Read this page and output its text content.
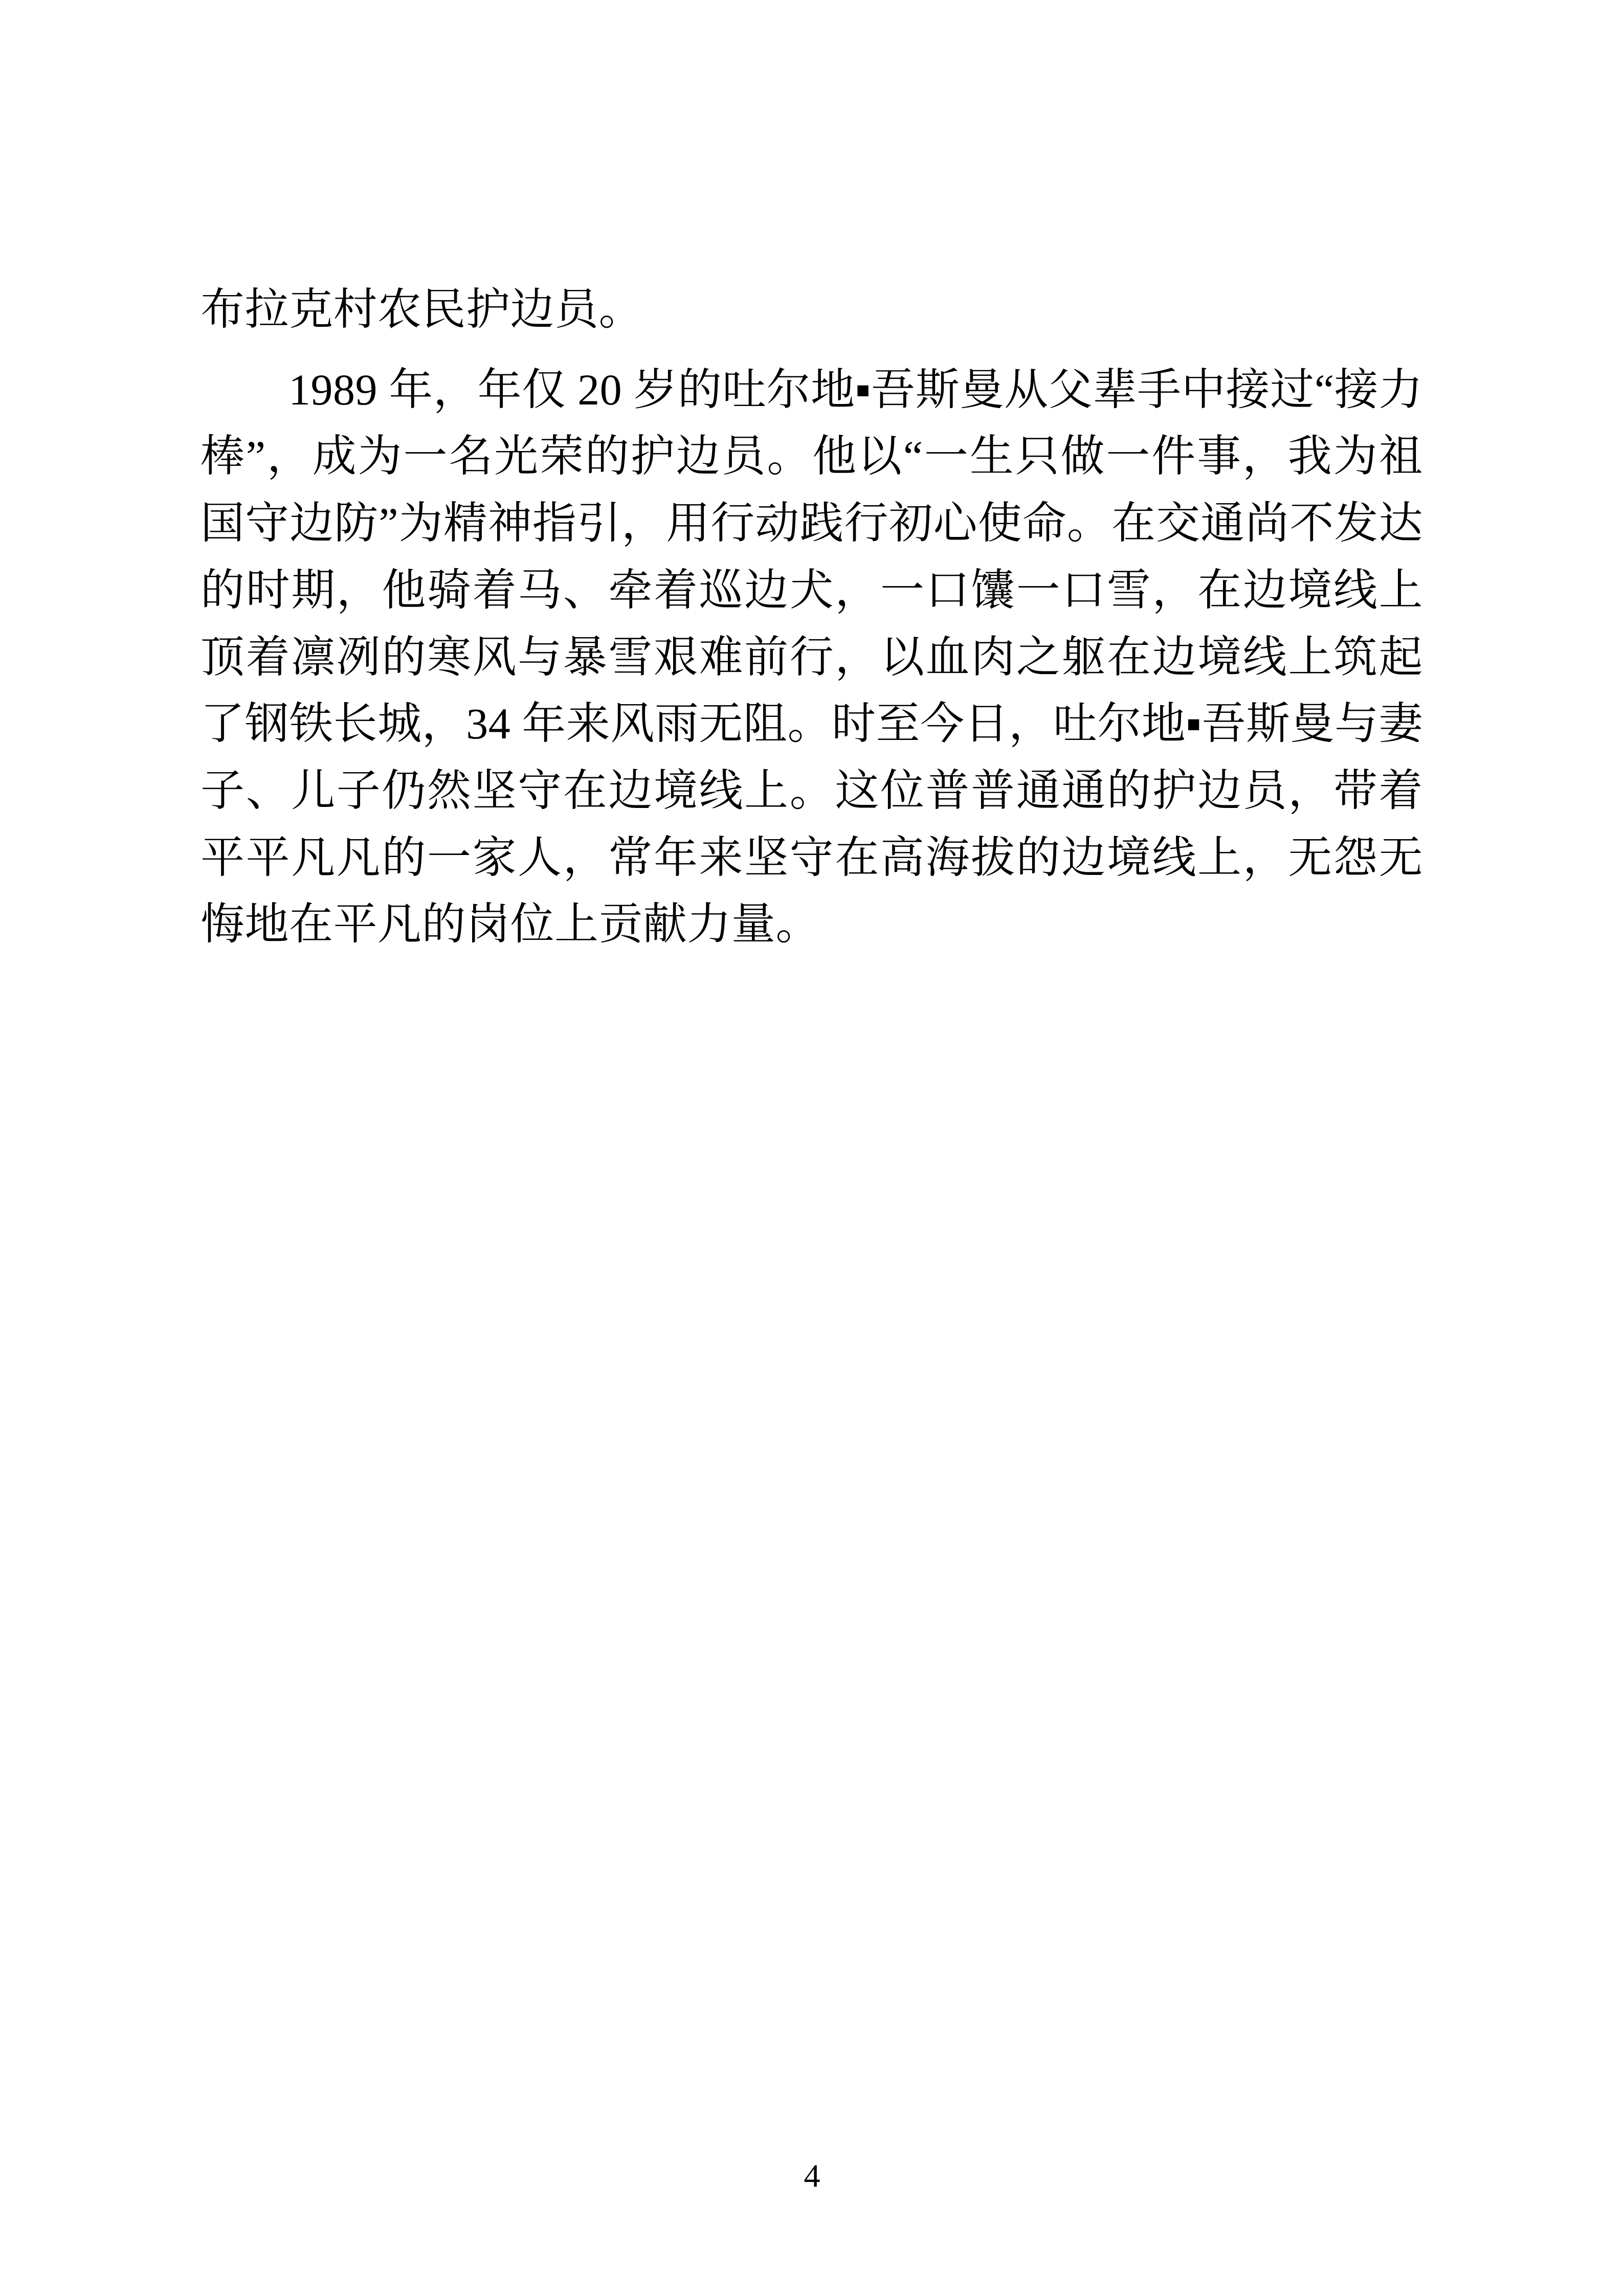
布拉克村农民护边员。

1989 年，年仅 20 岁的吐尔地▪吾斯曼从父辈手中接过“接力棒”，成为一名光荣的护边员。他以“一生只做一件事，我为祖国守边防”为精神指引，用行动践行初心使命。在交通尚不发达的时期，他骑着马、牵着巡边犬，一口馕一口雪，在边境线上顶着凛冽的寒风与暴雪艰难前行，以血肉之躯在边境线上筑起了钢铁长城，34 年来风雨无阻。时至今日，吐尔地▪吾斯曼与妻子、儿子仍然坚守在边境线上。这位普普通通的护边员，带着平平凡凡的一家人，常年来坚守在高海拔的边境线上，无怨无悔地在平凡的岗位上贡献力量。

4
